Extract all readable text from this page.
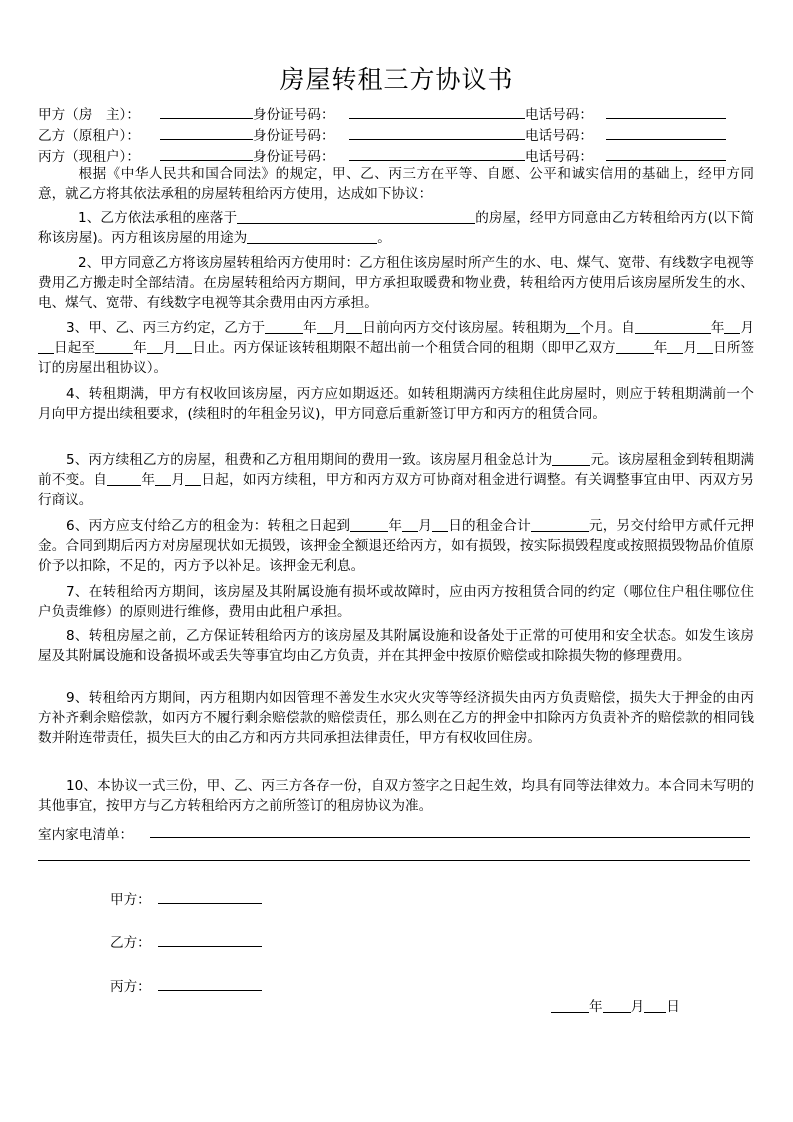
房屋转租三方协议书
甲方（房　主）：	身份证号码：	电话号码：
乙方（原租户）：	身份证号码：	电话号码：
丙方（现租户）：	身份证号码：	电话号码：

根据《中华人民共和国合同法》的规定，甲、乙、丙三方在平等、自愿、公平和诚实信用的基础上，经甲方同意，就乙方将其依法承租的房屋转租给丙方使用，达成如下协议：

1、乙方依法承租的座落于	的房屋，经甲方同意由乙方转租给丙方(以下简称该房屋)。丙方租该房屋的用途为	。

2、甲方同意乙方将该房屋转租给丙方使用时：乙方租住该房屋时所产生的水、电、煤气、宽带、有线数字电视等费用乙方搬走时全部结清。在房屋转租给丙方期间，甲方承担取暖费和物业费，转租给丙方使用后该房屋所发生的水、电、煤气、宽带、有线数字电视等其余费用由丙方承担。

3、甲、乙、丙三方约定，乙方于	年 月 日前向丙方交付该房屋。转租期为 个月。自	年 月日起至	年 月 日止。丙方保证该转租期限不超出前一个租赁合同的租期（即甲乙双方	年 月 日所签订的房屋出租协议）。

4、转租期满，甲方有权收回该房屋，丙方应如期返还。如转租期满丙方续租住此房屋时，则应于转租期满前一个月向甲方提出续租要求，(续租时的年租金另议)，甲方同意后重新签订甲方和丙方的租赁合同。

5、丙方续租乙方的房屋，租费和乙方租用期间的费用一致。该房屋月租金总计为	元。该房屋租金到转租期满前不变。自	年 月 日起，如丙方续租，甲方和丙方双方可协商对租金进行调整。有关调整事宜由甲、丙双方另行商议。

6、丙方应支付给乙方的租金为：转租之日起到	年 月 日的租金合计	元，另交付给甲方贰仟元押金。合同到期后丙方对房屋现状如无损毁，该押金全额退还给丙方，如有损毁，按实际损毁程度或按照损毁物品价值原价予以扣除，不足的，丙方予以补足。该押金无利息。

7、在转租给丙方期间，该房屋及其附属设施有损坏或故障时，应由丙方按租赁合同的约定（哪位住户租住哪位住户负责维修）的原则进行维修，费用由此租户承担。

8、转租房屋之前，乙方保证转租给丙方的该房屋及其附属设施和设备处于正常的可使用和安全状态。如发生该房屋及其附属设施和设备损坏或丢失等事宜均由乙方负责，并在其押金中按原价赔偿或扣除损失物的修理费用。

9、转租给丙方期间，丙方租期内如因管理不善发生水灾火灾等等经济损失由丙方负责赔偿，损失大于押金的由丙方补齐剩余赔偿款，如丙方不履行剩余赔偿款的赔偿责任，那么则在乙方的押金中扣除丙方负责补齐的赔偿款的相同钱数并附连带责任，损失巨大的由乙方和丙方共同承担法律责任，甲方有权收回住房。

10、本协议一式三份，甲、乙、丙三方各存一份，自双方签字之日起生效，均具有同等法律效力。本合同未写明的其他事宜，按甲方与乙方转租给丙方之前所签订的租房协议为准。

室内家电清单：
甲方：
乙方：
丙方：
年 月 日
